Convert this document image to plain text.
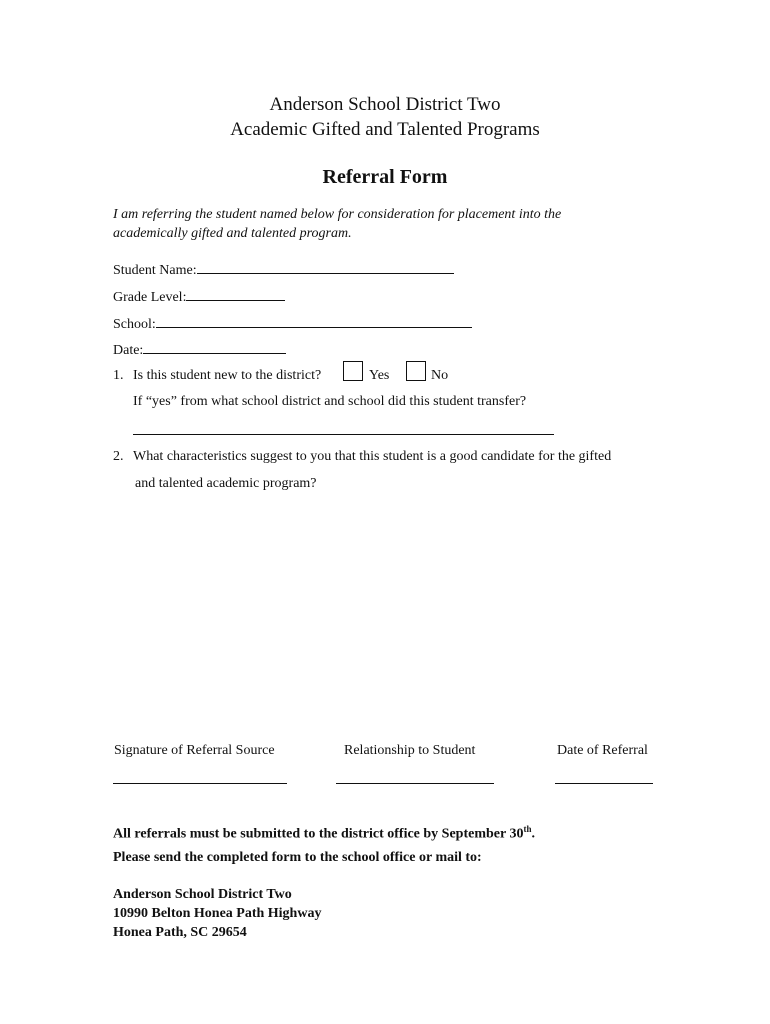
Anderson School District Two
Academic Gifted and Talented Programs
Referral Form
I am referring the student named below for consideration for placement into the
academically gifted and talented program.
Student Name:
Grade Level:
School:
Date:
1. Is this student new to the district?	Yes	No
If “yes” from what school district and school did this student transfer?
2. What characteristics suggest to you that this student is a good candidate for the gifted
and talented academic program?
Signature of Referral Source	Relationship to Student	Date of Referral
All referrals must be submitted to the district office by September 30th.
Please send the completed form to the school office or mail to:
Anderson School District Two
10990 Belton Honea Path Highway
Honea Path, SC 29654
